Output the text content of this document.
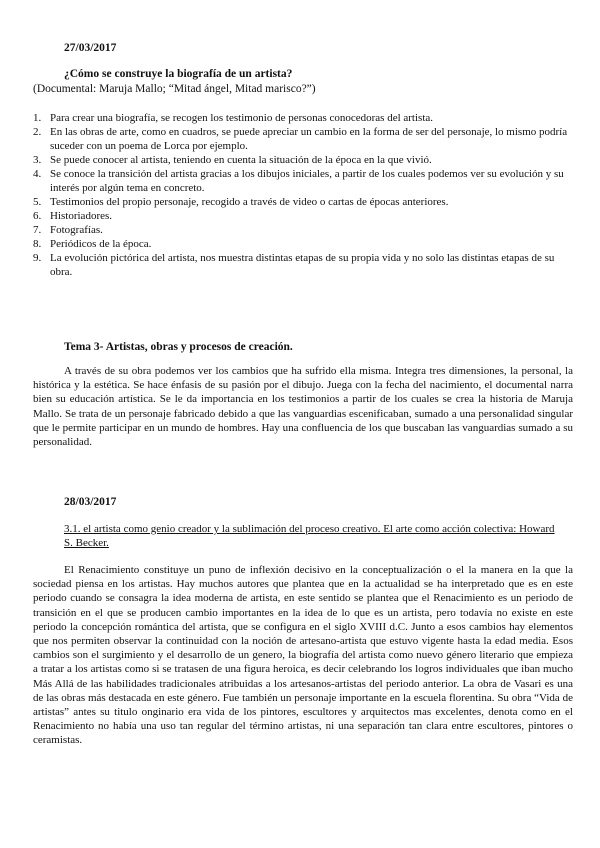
27/03/2017
¿Cómo se construye la biografía de un artista?
(Documental: Maruja Mallo; “Mitad ángel, Mitad marisco?”)
1. Para crear una biografía, se recogen los testimonio de personas conocedoras del artista.
2. En las obras de arte, como en cuadros, se puede apreciar un cambio en la forma de ser del personaje, lo mismo podría suceder con un poema de Lorca por ejemplo.
3. Se puede conocer al artista, teniendo en cuenta la situación de la época en la que vivió.
4. Se conoce la transición del artista gracias a los dibujos iniciales, a partir de los cuales podemos ver su evolución y su interés por algún tema en concreto.
5. Testimonios del propio personaje, recogido a través de video o cartas de épocas anteriores.
6. Historiadores.
7. Fotografías.
8. Periódicos de la época.
9. La evolución pictórica del artista, nos muestra distintas etapas de su propia vida y no solo las distintas etapas de su obra.
Tema 3- Artistas, obras y procesos de creación.

A través de su obra podemos ver los cambios que ha sufrido ella misma. Integra tres dimensiones, la personal, la histórica y la estética. Se hace énfasis de su pasión por el dibujo. Juega con la fecha del nacimiento, el documental narra bien su educación artística. Se le da importancia en los testimonios a partir de los cuales se crea la historia de Maruja Mallo. Se trata de un personaje fabricado debido a que las vanguardias escenificaban, sumado a una personalidad singular que le permite participar en un mundo de hombres. Hay una confluencia de los que buscaban las vanguardias sumado a su personalidad.

28/03/2017

3.1. el artista como genio creador y la sublimación del proceso creativo. El arte como acción colectiva: Howard S. Becker.

El Renacimiento constituye un puno de inflexión decisivo en la conceptualización o el la manera en la que la sociedad piensa en los artistas. Hay muchos autores que plantea que en la actualidad se ha interpretado que es en este periodo cuando se consagra la idea moderna de artista, en este sentido se plantea que el Renacimiento es un periodo de transición en el que se producen cambio importantes en la idea de lo que es un artista, pero todavía no existe en este periodo la concepción romántica del artista, que se configura en el siglo XVIII d.C. Junto a esos cambios hay elementos que nos permiten observar la continuidad con la noción de artesano-artista que estuvo vigente hasta la edad media. Esos cambios son el surgimiento y el desarrollo de un genero, la biografía del artista como nuevo género literario que empieza a tratar a los artistas como si se tratasen de una figura heroica, es decir celebrando los logros individuales que iban mucho Más Allá de las habilidades tradicionales atribuidas a los artesanos-artistas del periodo anterior. La obra de Vasari es una de las obras más destacada en este género. Fue también un personaje importante en la escuela florentina. Su obra “Vida de artistas” antes su titulo onginario era vida de los pintores, escultores y arquitectos mas excelentes, denota como en el Renacimiento no había una uso tan regular del término artistas, ni una separación tan clara entre escultores, pintores o ceramistas.
